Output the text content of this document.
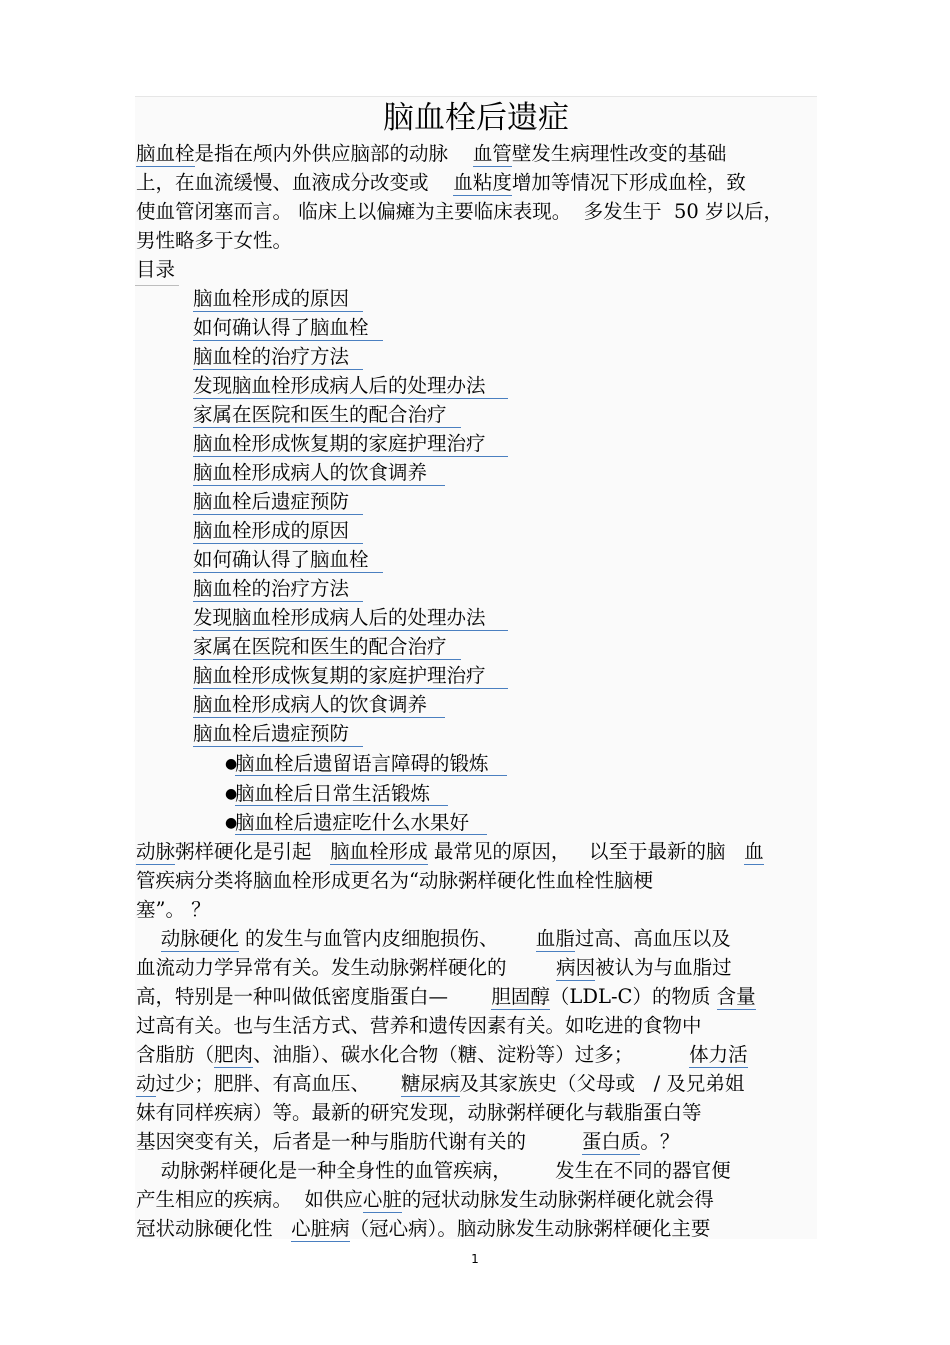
脑血栓后遗症
脑血栓是指在颅内外供应脑部的动脉 血管壁发生病理性改变的基础
上，在血流缓慢、血液成分改变或 血粘度增加等情况下形成血栓，致
使血管闭塞而言。 临床上以偏瘫为主要临床表现。  多发生于  50 岁以后，
男性略多于女性。
目录
脑血栓形成的原因
如何确认得了脑血栓
脑血栓的治疗方法
发现脑血栓形成病人后的处理办法
家属在医院和医生的配合治疗
脑血栓形成恢复期的家庭护理治疗
脑血栓形成病人的饮食调养
脑血栓后遗症预防
脑血栓形成的原因
如何确认得了脑血栓
脑血栓的治疗方法
发现脑血栓形成病人后的处理办法
家属在医院和医生的配合治疗
脑血栓形成恢复期的家庭护理治疗
脑血栓形成病人的饮食调养
脑血栓后遗症预防
●脑血栓后遗留语言障碍的锻炼
●脑血栓后日常生活锻炼
●脑血栓后遗症吃什么水果好
动脉粥样硬化是引起 脑血栓形成 最常见的原因，   以至于最新的脑 血
管疾病分类将脑血栓形成更名为“动脉粥样硬化性血栓性脑梗
塞”。 ？
动脉硬化 的发生与血管内皮细胞损伤、 血脂过高、高血压以及
血流动力学异常有关。发生动脉粥样硬化的	病因被认为与血脂过
高，特别是一种叫做低密度脂蛋白— 胆固醇（LDL-C）的物质 含量
过高有关。也与生活方式、营养和遗传因素有关。如吃进的食物中
含脂肪（肥肉、油脂）、碳水化合物（糖、淀粉等）过多；	体力活
动过少；肥胖、有高血压、 糖尿病及其家族史（父母或   / 及兄弟姐
妹有同样疾病）等。最新的研究发现，动脉粥样硬化与载脂蛋白等
基因突变有关，后者是一种与脂肪代谢有关的	蛋白质。？
动脉粥样硬化是一种全身性的血管疾病，       发生在不同的器官便
产生相应的疾病。  如供应心脏的冠状动脉发生动脉粥样硬化就会得
冠状动脉硬化性 心脏病（冠心病）。脑动脉发生动脉粥样硬化主要
1
